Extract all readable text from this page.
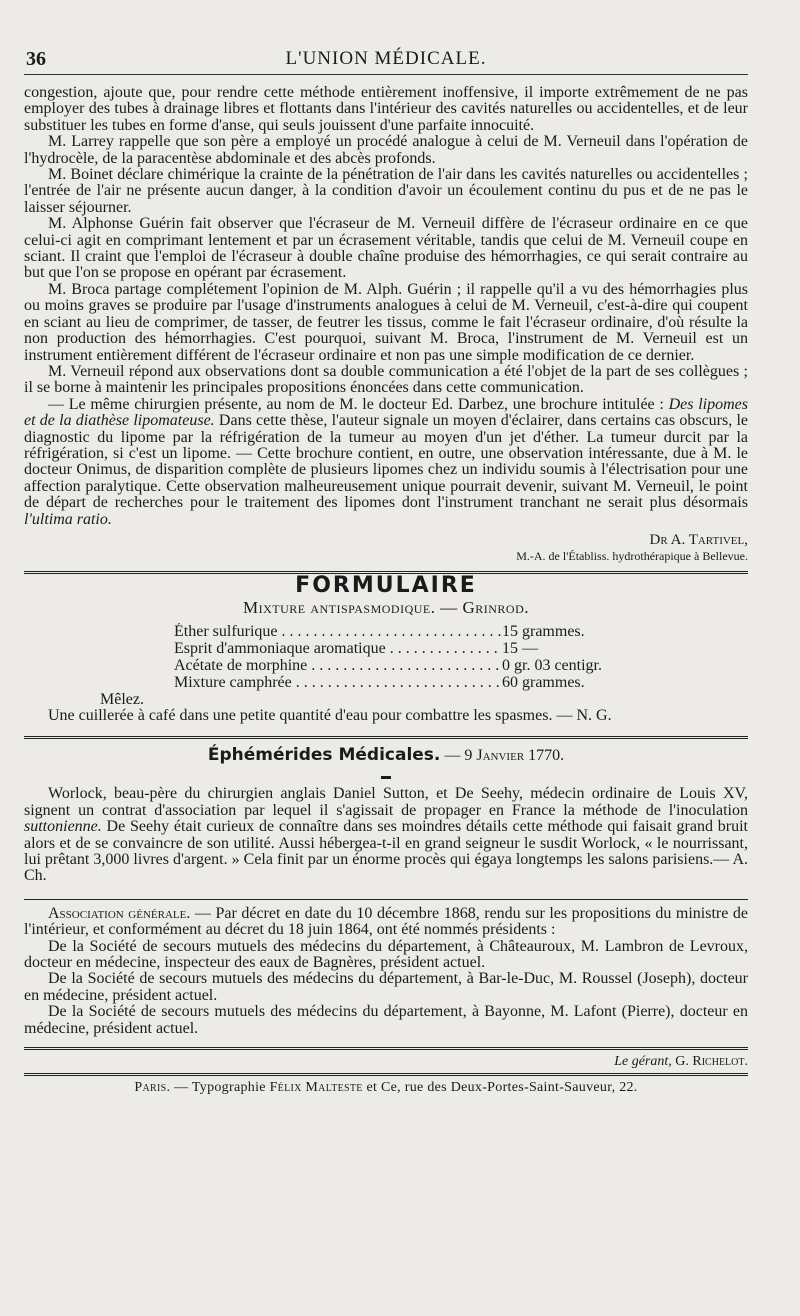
36	L'UNION MÉDICALE.

congestion, ajoute que, pour rendre cette méthode entièrement inoffensive, il importe extrêmement de ne pas employer des tubes à drainage libres et flottants dans l'intérieur des cavités naturelles ou accidentelles, et de leur substituer les tubes en forme d'anse, qui seuls jouissent d'une parfaite innocuité.

M. Larrey rappelle que son père a employé un procédé analogue à celui de M. Verneuil dans l'opération de l'hydrocèle, de la paracentèse abdominale et des abcès profonds.

M. Boinet déclare chimérique la crainte de la pénétration de l'air dans les cavités naturelles ou accidentelles ; l'entrée de l'air ne présente aucun danger, à la condition d'avoir un écoulement continu du pus et de ne pas le laisser séjourner.

M. Alphonse Guérin fait observer que l'écraseur de M. Verneuil diffère de l'écraseur ordinaire en ce que celui-ci agit en comprimant lentement et par un écrasement véritable, tandis que celui de M. Verneuil coupe en sciant. Il craint que l'emploi de l'écraseur à double chaîne produise des hémorrhagies, ce qui serait contraire au but que l'on se propose en opérant par écrasement.

M. Broca partage complétement l'opinion de M. Alph. Guérin ; il rappelle qu'il a vu des hémorrhagies plus ou moins graves se produire par l'usage d'instruments analogues à celui de M. Verneuil, c'est-à-dire qui coupent en sciant au lieu de comprimer, de tasser, de feutrer les tissus, comme le fait l'écraseur ordinaire, d'où résulte la non production des hémorrhagies. C'est pourquoi, suivant M. Broca, l'instrument de M. Verneuil est un instrument entièrement différent de l'écraseur ordinaire et non pas une simple modification de ce dernier.

M. Verneuil répond aux observations dont sa double communication a été l'objet de la part de ses collègues ; il se borne à maintenir les principales propositions énoncées dans cette communication.

— Le même chirurgien présente, au nom de M. le docteur Ed. Darbez, une brochure intitulée : Des lipomes et de la diathèse lipomateuse. Dans cette thèse, l'auteur signale un moyen d'éclairer, dans certains cas obscurs, le diagnostic du lipome par la réfrigération de la tumeur au moyen d'un jet d'éther. La tumeur durcit par la réfrigération, si c'est un lipome. — Cette brochure contient, en outre, une observation intéressante, due à M. le docteur Onimus, de disparition complète de plusieurs lipomes chez un individu soumis à l'électrisation pour une affection paralytique. Cette observation malheureusement unique pourrait devenir, suivant M. Verneuil, le point de départ de recherches pour le traitement des lipomes dont l'instrument tranchant ne serait plus désormais l'ultima ratio.

Dr A. Tartivel,

M.-A. de l'Établiss. hydrothérapique à Bellevue.

FORMULAIRE
Mixture antispasmodique. — Grinrod.
Éther sulfurique . . .	15 grammes.
Esprit d'ammoniaque aromatique . . .	15 —
Acétate de morphine . . .	0 gr. 03 centigr.
Mixture camphrée . . .	60 grammes.
Mêlez.

Une cuillerée à café dans une petite quantité d'eau pour combattre les spasmes. — N. G.

Éphémérides Médicales. — 9 Janvier 1770.
▬

Worlock, beau-père du chirurgien anglais Daniel Sutton, et De Seehy, médecin ordinaire de Louis XV, signent un contrat d'association par lequel il s'agissait de propager en France la méthode de l'inoculation suttonienne. De Seehy était curieux de connaître dans ses moindres détails cette méthode qui faisait grand bruit alors et de se convaincre de son utilité. Aussi hébergea-t-il en grand seigneur le susdit Worlock, « le nourrissant, lui prêtant 3,000 livres d'argent. » Cela finit par un énorme procès qui égaya longtemps les salons parisiens.— A. Ch.

Association générale. — Par décret en date du 10 décembre 1868, rendu sur les propositions du ministre de l'intérieur, et conformément au décret du 18 juin 1864, ont été nommés présidents :

De la Société de secours mutuels des médecins du département, à Châteauroux, M. Lambron de Levroux, docteur en médecine, inspecteur des eaux de Bagnères, président actuel.

De la Société de secours mutuels des médecins du département, à Bar-le-Duc, M. Roussel (Joseph), docteur en médecine, président actuel.

De la Société de secours mutuels des médecins du département, à Bayonne, M. Lafont (Pierre), docteur en médecine, président actuel.

Le gérant, G. Richelot.
Paris. — Typographie Félix Malteste et Ce, rue des Deux-Portes-Saint-Sauveur, 22.
